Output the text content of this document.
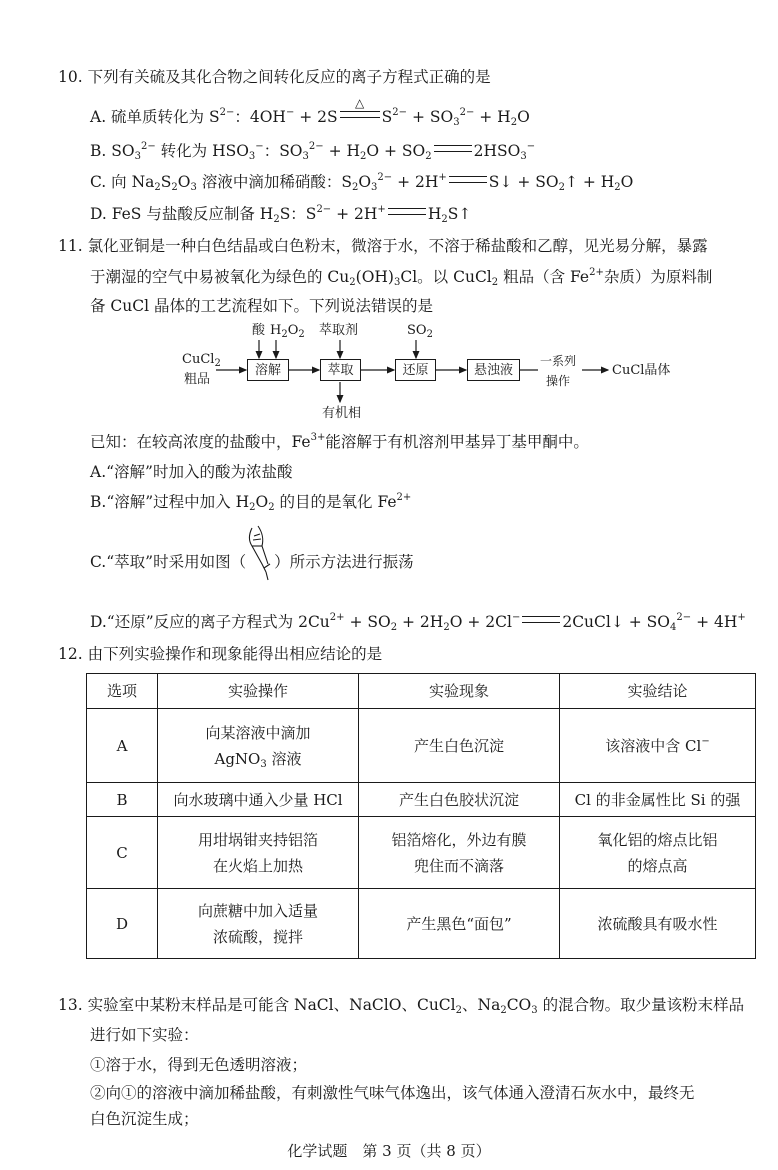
10. 下列有关硫及其化合物之间转化反应的离子方程式正确的是
A. 硫单质转化为 $S^{2-}$：4OH− + 2S
△
$S^{2-} + SO_3^{2-} + H_2O$
B. $SO_3^{2-}$ 转化为 $HSO_3^-$：$SO_3^{2-} + H_2O + SO_2$	$2HSO_3^-$
C. 向 $Na_2S_2O_3$ 溶液中滴加稀硝酸：$S_2O_3^{2-} + 2H^+$	S↓ + $SO_2↑ + H_2O$
D. FeS 与盐酸反应制备 $H_2S$：$S^{2-} + 2H^+$	$H_2S↑$
11. 氯化亚铜是一种白色结晶或白色粉末，微溶于水，不溶于稀盐酸和乙醇，见光易分解，暴露
于潮湿的空气中易被氧化为绿色的 $Cu_2(OH)_3Cl$。以 CuCl$_2$ 粗品（含 $Fe^{2+}$杂质）为原料制
备 CuCl 晶体的工艺流程如下。下列说法错误的是
CuCl$_2$
粗品
酸 $H_2O_2$ 萃取剂	$SO_2$
溶解	萃取	还原	悬浊液
一系列
操作
CuCl晶体
有机相
已知：在较高浓度的盐酸中，$Fe^{3+}$能溶解于有机溶剂甲基异丁基甲酮中。
A.“溶解”时加入的酸为浓盐酸
B.“溶解”过程中加入 $H_2O_2$ 的目的是氧化 $Fe^{2+}$
C.“萃取”时采用如图（ ）所示方法进行振荡
D.“还原”反应的离子方程式为 $2Cu^{2+} + SO_2 + 2H_2O + 2Cl^-$	2CuCl↓ + $SO_4^{2-} + 4H^+$
12. 由下列实验操作和现象能得出相应结论的是
选项	实验操作	实验现象	实验结论
A	向某溶液中滴加
AgNO$_3$ 溶液	产生白色沉淀	该溶液中含 Cl−
B	向水玻璃中通入少量 HCl	产生白色胶状沉淀	Cl 的非金属性比 Si 的强
C	用坩埚钳夹持铝箔
在火焰上加热	铝箔熔化，外边有膜
兜住而不滴落	氧化铝的熔点比铝
的熔点高
D	向蔗糖中加入适量
浓硫酸，搅拌	产生黑色“面包”	浓硫酸具有吸水性
13. 实验室中某粉末样品是可能含 NaCl、NaClO、CuCl$_2$、$Na_2CO_3$ 的混合物。取少量该粉末样品
进行如下实验：
①溶于水，得到无色透明溶液；
②向①的溶液中滴加稀盐酸，有刺激性气味气体逸出，该气体通入澄清石灰水中，最终无
白色沉淀生成；
化学试题　第 3 页（共 8 页）
